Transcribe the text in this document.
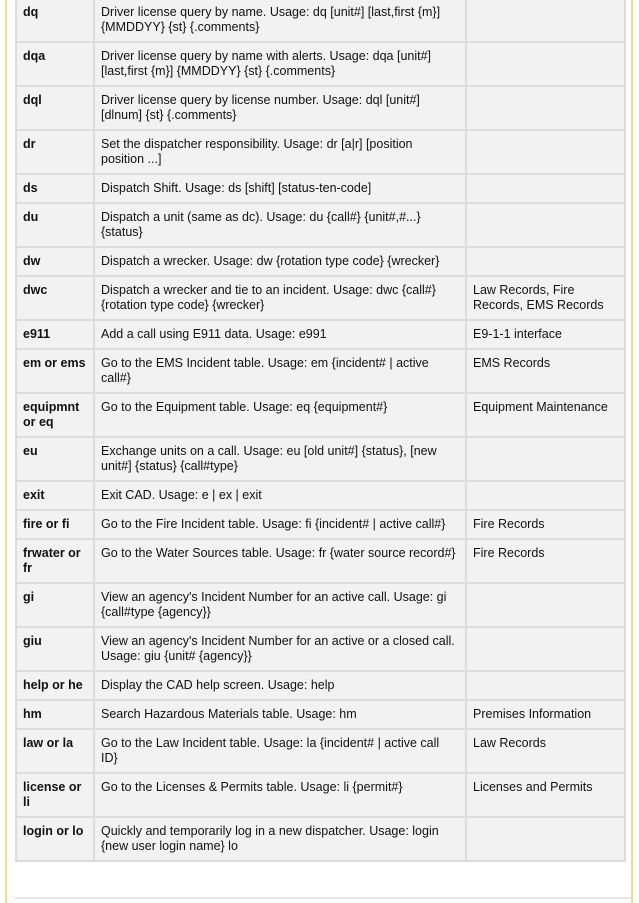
dq	Driver license query by name. Usage: dq [unit#] [last,first {m}] {MMDDYY} {st} {.comments}	
dqa	Driver license query by name with alerts. Usage: dqa [unit#] [last,first {m}] {MMDDYY} {st} {.comments}	
dql	Driver license query by license number. Usage: dql [unit#] [dlnum] {st} {.comments}	
dr	Set the dispatcher responsibility. Usage: dr [a|r] [position position ...]	
ds	Dispatch Shift. Usage: ds [shift] [status-ten-code]	
du	Dispatch a unit (same as dc). Usage: du {call#} {unit#,#...} {status}	
dw	Dispatch a wrecker. Usage: dw {rotation type code} {wrecker}	
dwc	Dispatch a wrecker and tie to an incident. Usage: dwc {call#} {rotation type code} {wrecker}	Law Records, Fire Records, EMS Records
e911	Add a call using E911 data. Usage: e991	E9-1-1 interface
em or ems	Go to the EMS Incident table. Usage: em {incident# | active call#}	EMS Records
equipmnt or eq	Go to the Equipment table. Usage: eq {equipment#}	Equipment Maintenance
eu	Exchange units on a call. Usage: eu [old unit#] {status}, [new unit#] {status} {call#type}	
exit	Exit CAD. Usage: e | ex | exit	
fire or fi	Go to the Fire Incident table. Usage: fi {incident# | active call#}	Fire Records
frwater or fr	Go to the Water Sources table. Usage: fr {water source record#}	Fire Records
gi	View an agency's Incident Number for an active call. Usage: gi {call#type {agency}}	
giu	View an agency's Incident Number for an active or a closed call. Usage: giu {unit# {agency}}	
help or he	Display the CAD help screen. Usage: help	
hm	Search Hazardous Materials table. Usage: hm	Premises Information
law or la	Go to the Law Incident table. Usage: la {incident# | active call ID}	Law Records
license or li	Go to the Licenses & Permits table. Usage: li {permit#}	Licenses and Permits
login or lo	Quickly and temporarily log in a new dispatcher. Usage: login {new user login name} lo	
